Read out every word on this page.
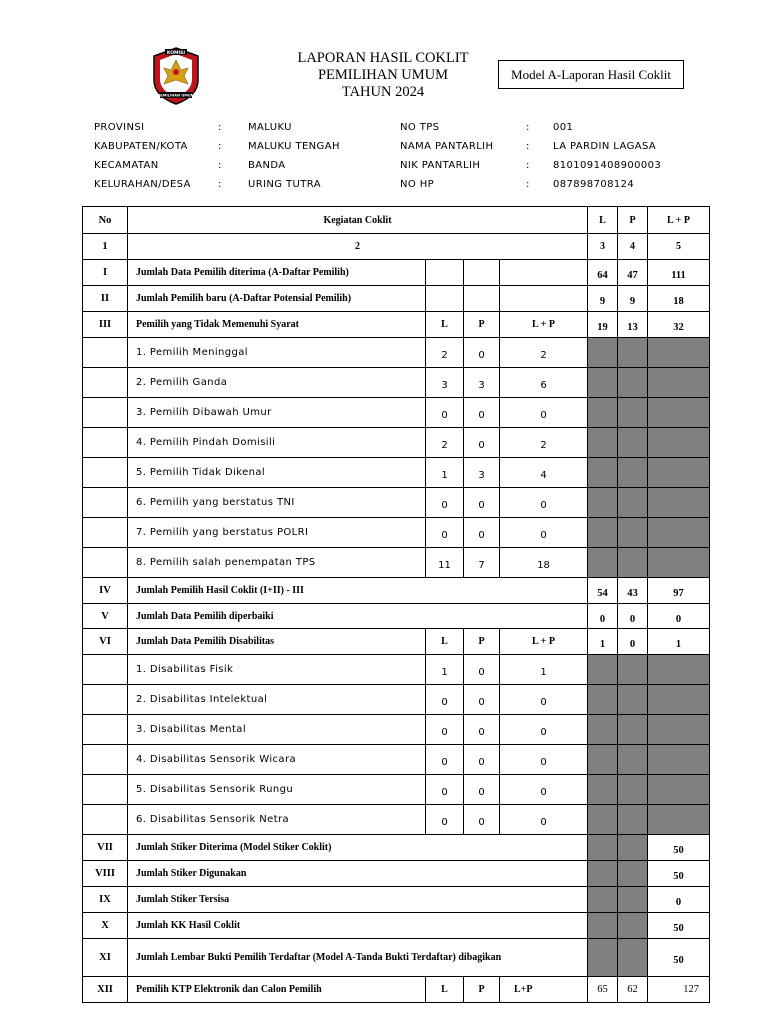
KOMISI
PEMILIHAN UMUM
LAPORAN HASIL COKLIT
PEMILIHAN UMUM
TAHUN 2024
Model A-Laporan Hasil Coklit
PROVINSI	:	MALUKU
KABUPATEN/KOTA	:	MALUKU TENGAH
KECAMATAN	:	BANDA
KELURAHAN/DESA	:	URING TUTRA
NO TPS	: 001
NAMA PANTARLIH	: LA PARDIN LAGASA
NIK PANTARLIH	: 8101091408900003
NO HP	: 087898708124
No	Kegiatan Coklit				L	P	L + P
1	2				3	4	5
I	Jumlah Data Pemilih diterima (A-Daftar Pemilih)				64	47	111
II	Jumlah Pemilih baru (A-Daftar Potensial Pemilih)				9	9	18
III	Pemilih yang Tidak Memenuhi Syarat	L	P	L + P	19	13	32
	1. Pemilih Meninggal	2	0	2			
	2. Pemilih Ganda	3	3	6			
	3. Pemilih Dibawah Umur	0	0	0			
	4. Pemilih Pindah Domisili	2	0	2			
	5. Pemilih Tidak Dikenal	1	3	4			
	6. Pemilih yang berstatus TNI	0	0	0			
	7. Pemilih yang berstatus POLRI	0	0	0			
	8. Pemilih salah penempatan TPS	11	7	18			
IV	Jumlah Pemilih Hasil Coklit (I+II) - III				54	43	97
V	Jumlah Data Pemilih diperbaiki				0	0	0
VI	Jumlah Data Pemilih Disabilitas	L	P	L + P	1	0	1
	1. Disabilitas Fisik	1	0	1			
	2. Disabilitas Intelektual	0	0	0			
	3. Disabilitas Mental	0	0	0			
	4. Disabilitas Sensorik Wicara	0	0	0			
	5. Disabilitas Sensorik Rungu	0	0	0			
	6. Disabilitas Sensorik Netra	0	0	0			
VII	Jumlah Stiker Diterima (Model Stiker Coklit)						50
VIII	Jumlah Stiker Digunakan						50
IX	Jumlah Stiker Tersisa						0
X	Jumlah KK Hasil Coklit						50
XI	Jumlah Lembar Bukti Pemilih Terdaftar (Model A-Tanda Bukti Terdaftar) dibagikan						50
XII	Pemilih KTP Elektronik dan Calon Pemilih	L	P	L+P	65	62	127
